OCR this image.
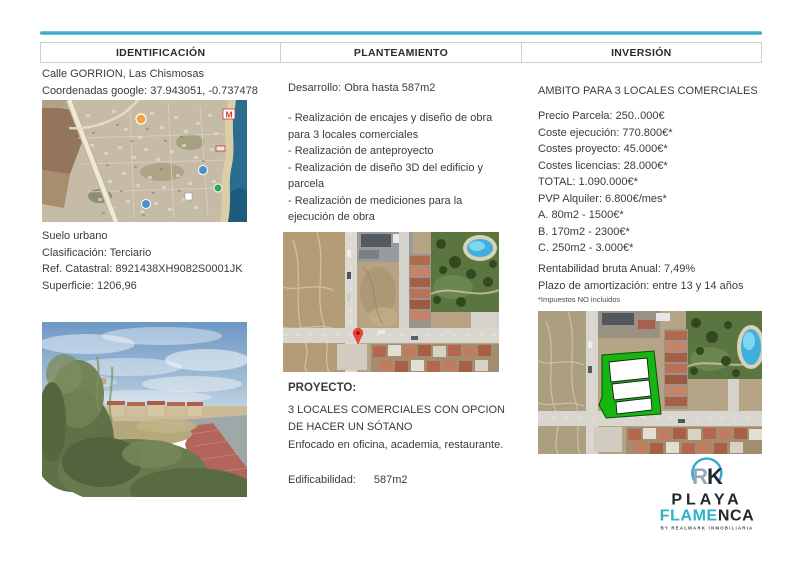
IDENTIFICACIÓN	PLANTEAMIENTO	INVERSIÓN
Calle GORRION, Las Chismosas
Coordenadas google: 37.943051, -0.737478
M
Suelo urbano
Clasificación: Terciario
Ref. Catastral: 8921438XH9082S0001JK
Superficie: 1206,96
Desarrollo: Obra hasta 587m2
- Realización de encajes y diseño de obra para 3 locales comerciales
- Realización de anteproyecto
- Realización de diseño 3D del edificio y parcela
- Realización de mediciones para la ejecución de obra
PROYECTO:
3 LOCALES COMERCIALES CON OPCION DE HACER UN SÓTANO
Enfocado en oficina, academia, restaurante.
Edificabilidad: 587m2
AMBITO PARA 3 LOCALES COMERCIALES
Precio Parcela: 250..000€
Coste ejecución: 770.800€*
Costes proyecto: 45.000€*
Costes licencias: 28.000€*
TOTAL: 1.090.000€*
PVP Alquiler: 6.800€/mes*
A. 80m2 - 1500€*
B. 170m2 - 2300€*
C. 250m2 - 3.000€*
Rentabilidad bruta Anual: 7,49%
Plazo de amortización: entre 13 y 14 años
*Impuestos NO incluidos
RK
PLAYA
FLAMENCA
BY REALMARK INMOBILIARIA
